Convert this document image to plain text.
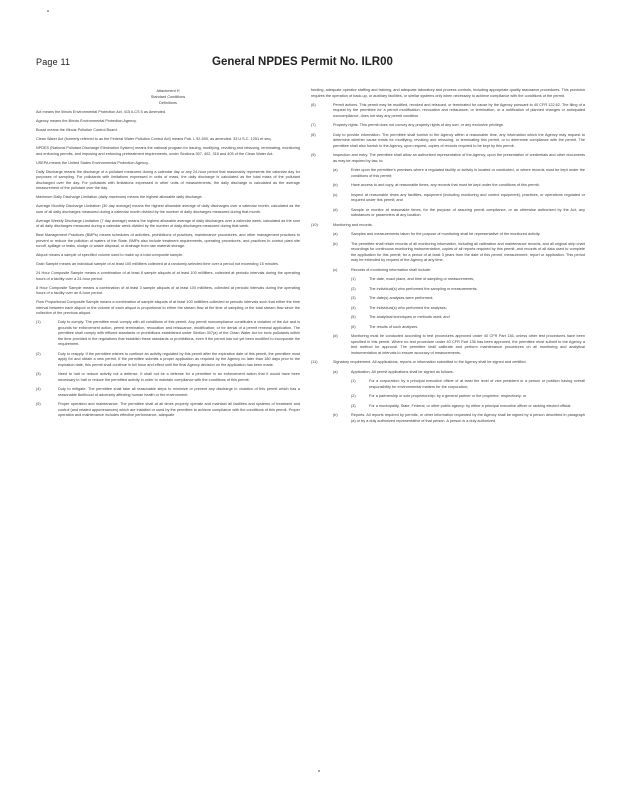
Page 11	General NPDES Permit No. ILR00
Attachment H
Standard Conditions
Definitions

Act means the Illinois Environmental Protection Act, 415 ILCS 5 as Amended.

Agency means the Illinois Environmental Protection Agency.

Board means the Illinois Pollution Control Board.

Clean Water Act (formerly referred to as the Federal Water Pollution Control Act) means Pub. L 92-500, as amended. 33 U.S.C. 1251 et seq.

NPDES (National Pollutant Discharge Elimination System) means the national program for issuing, modifying, revoking and reissuing, terminating, monitoring and enforcing permits, and imposing and enforcing pretreatment requirements, under Sections 307, 402, 318 and 405 of the Clean Water Act.

USEPA means the United States Environmental Protection Agency.

Daily Discharge means the discharge of a pollutant measured during a calendar day or any 24-hour period that reasonably represents the calendar day for purposes of sampling. For pollutants with limitations expressed in units of mass, the daily discharge is calculated as the total mass of the pollutant discharged over the day. For pollutants with limitations expressed in other units of measurements, the daily discharge is calculated as the average measurement of the pollutant over the day.

Maximum Daily Discharge Limitation (daily maximum) means the highest allowable daily discharge.

Average Monthly Discharge Limitation (30 day average) means the highest allowable average of daily discharges over a calendar month, calculated as the sum of all daily discharges measured during a calendar month divided by the number of daily discharges measured during that month.

Average Weekly Discharge Limitation (7 day average) means the highest allowable average of daily discharges over a calendar week, calculated as the sum of all daily discharges measured during a calendar week divided by the number of daily discharges measured during that week.

Best Management Practices (BMPs) means schedules of activities, prohibitions of practices, maintenance procedures, and other management practices to prevent or reduce the pollution of waters of the State. BMPs also include treatment requirements, operating procedures, and practices to control plant site runoff, spillage or leaks, sludge or waste disposal, or drainage from raw material storage.

Aliquot means a sample of specified volume used to make up a total composite sample.

Grab Sample means an individual sample of at least 100 milliliters collected at a randomly-selected time over a period not exceeding 15 minutes.

24 Hour Composite Sample means a combination of at least 8 sample aliquots of at least 100 milliliters, collected at periodic intervals during the operating hours of a facility over a 24-hour period.

8 Hour Composite Sample means a combination of at least 3 sample aliquots of at least 100 milliliters, collected at periodic intervals during the operating hours of a facility over an 8-hour period.

Flow Proportional Composite Sample means a combination of sample aliquots of at least 100 milliliters collected at periodic intervals such that either the time interval between each aliquot or the volume of each aliquot is proportional to either the stream flow at the time of sampling or the total stream flow since the collection of the previous aliquot.

(1)	Duty to comply. The permittee must comply with all conditions of this permit. Any permit noncompliance constitutes a violation of the Act and is grounds for enforcement action, permit termination, revocation and reissuance, modification, or for denial of a permit renewal application. The permittee shall comply with effluent standards or prohibitions established under Section 307(a) of the Clean Water Act for toxic pollutants within the time provided in the regulations that establish these standards or prohibitions, even if the permit has not yet been modified to incorporate the requirement.
(2)	Duty to reapply. If the permittee wishes to continue an activity regulated by this permit after the expiration date of this permit, the permittee must apply for and obtain a new permit. If the permittee submits a proper application as required by the Agency no later than 180 days prior to the expiration date, this permit shall continue in full force and effect until the final Agency decision on the application has been made.
(3)	Need to halt or reduce activity not a defense. It shall not be a defense for a permittee in an enforcement action that it would have been necessary to halt or reduce the permitted activity in order to maintain compliance with the conditions of this permit.
(4)	Duty to mitigate. The permittee shall take all reasonable steps to minimize or prevent any discharge in violation of this permit which has a reasonable likelihood of adversely affecting human health or the environment.
(5)	Proper operation and maintenance. The permittee shall at all times properly operate and maintain all facilities and systems of treatment and control (and related appurtenances) which are installed or used by the permittee to achieve compliance with the conditions of this permit. Proper operation and maintenance includes effective performance, adequate

funding, adequate operator staffing and training, and adequate laboratory and process controls, including appropriate quality assurance procedures. This provision requires the operation of back-up, or auxiliary facilities, or similar systems only when necessary to achieve compliance with the conditions of the permit.

(6)	Permit actions. This permit may be modified, revoked and reissued, or terminated for cause by the Agency pursuant to 40 CFR 122.62. The filing of a request by the permittee for a permit modification, revocation and reissuance, or termination, or a notification of planned changes or anticipated noncompliance, does not stay any permit condition.
(7)	Property rights. This permit does not convey any property rights of any sort, or any exclusive privilege.
(8)	Duty to provide information. The permittee shall furnish to the Agency within a reasonable time, any information which the Agency may request to determine whether cause exists for modifying, revoking and reissuing, or terminating this permit, or to determine compliance with the permit. The permittee shall also furnish to the Agency, upon request, copies of records required to be kept by this permit.
(9)	Inspection and entry. The permittee shall allow an authorized representative of the Agency, upon the presentation of credentials and other documents as may be required by law, to:
(a)	Enter upon the permittee's premises where a regulated facility or activity is located or conducted, or where records must be kept under the conditions of this permit;
(b)	Have access to and copy, at reasonable times, any records that must be kept under the conditions of this permit;
(c)	Inspect at reasonable times any facilities, equipment (including monitoring and control equipment), practices, or operations regulated or required under this permit; and
(d)	Sample or monitor at reasonable times, for the purpose of assuring permit compliance, or as otherwise authorized by the Act, any substances or parameters at any location.
(10)	Monitoring and records.
(a)	Samples and measurements taken for the purpose of monitoring shall be representative of the monitored activity.
(b)	The permittee shall retain records of all monitoring information, including all calibration and maintenance records, and all original strip chart recordings for continuous monitoring instrumentation, copies of all reports required by this permit, and records of all data used to complete the application for this permit, for a period of at least 3 years from the date of this permit, measurement, report or application. This period may be extended by request of the Agency at any time.
(c)	Records of monitoring information shall include:
(1)	The date, exact place, and time of sampling or measurements;
(2)	The individual(s) who performed the sampling or measurements;
(3)	The date(s) analyses were performed;
(4)	The individual(s) who performed the analyses;
(5)	The analytical techniques or methods used; and
(6)	The results of such analyses.
(d)	Monitoring must be conducted according to test procedures approved under 40 CFR Part 136, unless other test procedures have been specified in this permit. Where no test procedure under 40 CFR Part 136 has been approved, the permittee must submit to the Agency a test method for approval. The permittee shall calibrate and perform maintenance procedures on all monitoring and analytical instrumentation at intervals to ensure accuracy of measurements.
(11)	Signatory requirement. All applications, reports or information submitted to the Agency shall be signed and certified.
(a)	Application. All permit applications shall be signed as follows:
(1)	For a corporation: by a principal executive officer of at least the level of vice president or a person or position having overall responsibility for environmental matters for the corporation;
(2)	For a partnership or sole proprietorship: by a general partner or the proprietor, respectively; or
(3)	For a municipality, State, Federal, or other public agency: by either a principal executive officer or ranking elected official.
(b)	Reports. All reports required by permits, or other information requested by the Agency shall be signed by a person described in paragraph (a) or by a duly authorized representative of that person. A person is a duly authorized
